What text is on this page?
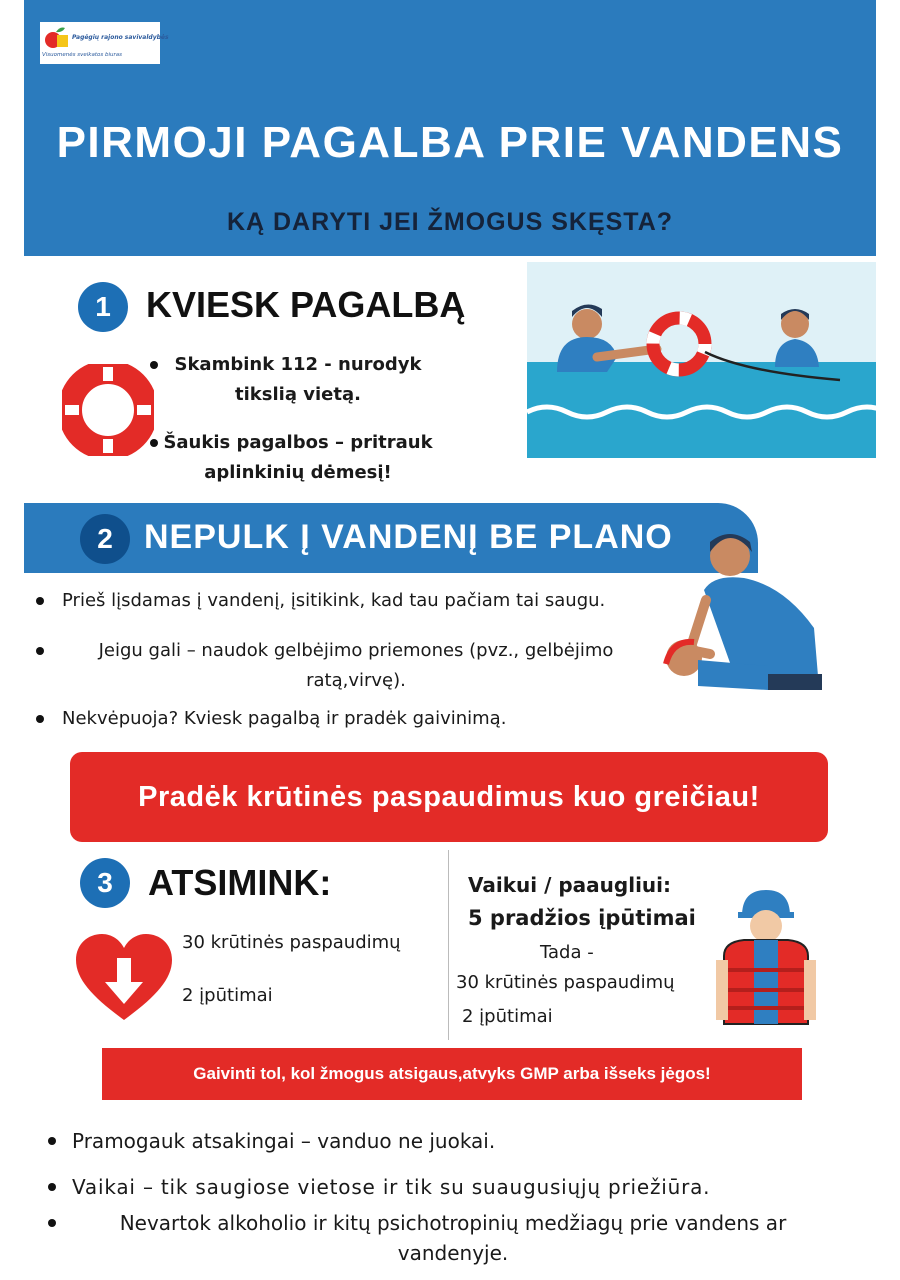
Pagėgių rajono savivaldybės
Visuomenės sveikatos biuras
PIRMOJI PAGALBA PRIE VANDENS
KĄ DARYTI JEI ŽMOGUS SKĘSTA?
1 KVIESK PAGALBĄ
Skambink 112 - nurodyk
tikslią vietą.
Šaukis pagalbos – pritrauk
aplinkinių dėmesį!
2 NEPULK Į VANDENĮ BE PLANO
Prieš lįsdamas į vandenį, įsitikink, kad tau pačiam tai saugu.
Jeigu gali – naudok gelbėjimo priemones (pvz., gelbėjimo
ratą,virvę).
Nekvėpuoja? Kviesk pagalbą ir pradėk gaivinimą.
Pradėk krūtinės paspaudimus kuo greičiau!
3 ATSIMINK:
30 krūtinės paspaudimų
2 įpūtimai
Vaikui / paaugliui:
5 pradžios įpūtimai
Tada -
30 krūtinės paspaudimų
2 įpūtimai
Gaivinti tol, kol žmogus atsigaus,atvyks GMP arba išseks jėgos!
Pramogauk atsakingai – vanduo ne juokai.
Vaikai – tik saugiose vietose ir tik su suaugusiųjų priežiūra.
Nevartok alkoholio ir kitų psichotropinių medžiagų prie vandens ar
vandenyje.
